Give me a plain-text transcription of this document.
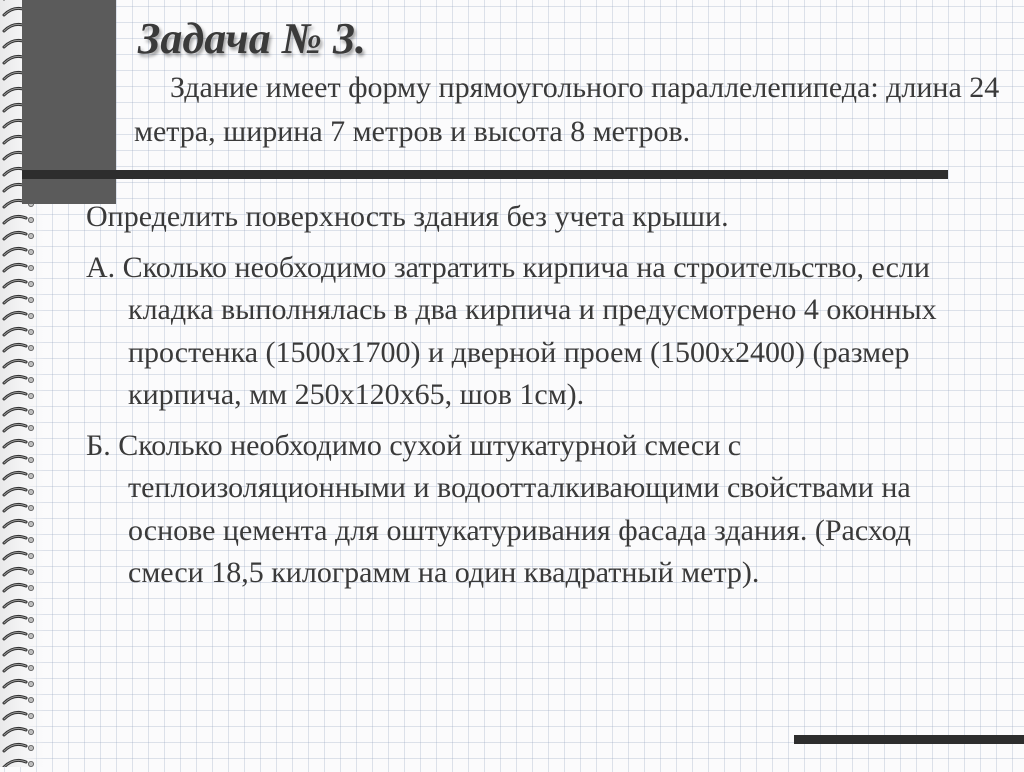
Задача № 3.

Здание имеет форму прямоугольного параллелепипеда: длина 24 метра, ширина 7 метров и высота 8 метров.

Определить поверхность здания без учета крыши.

А. Сколько необходимо затратить кирпича на строительство, если кладка выполнялась в два кирпича и предусмотрено 4 оконных простенка (1500х1700) и дверной проем (1500х2400) (размер кирпича, мм 250х120х65, шов 1см).

Б. Сколько необходимо сухой штукатурной смеси с теплоизоляционными и водоотталкивающими свойствами на основе цемента для оштукатуривания фасада здания. (Расход смеси 18,5 килограмм на один квадратный метр).
